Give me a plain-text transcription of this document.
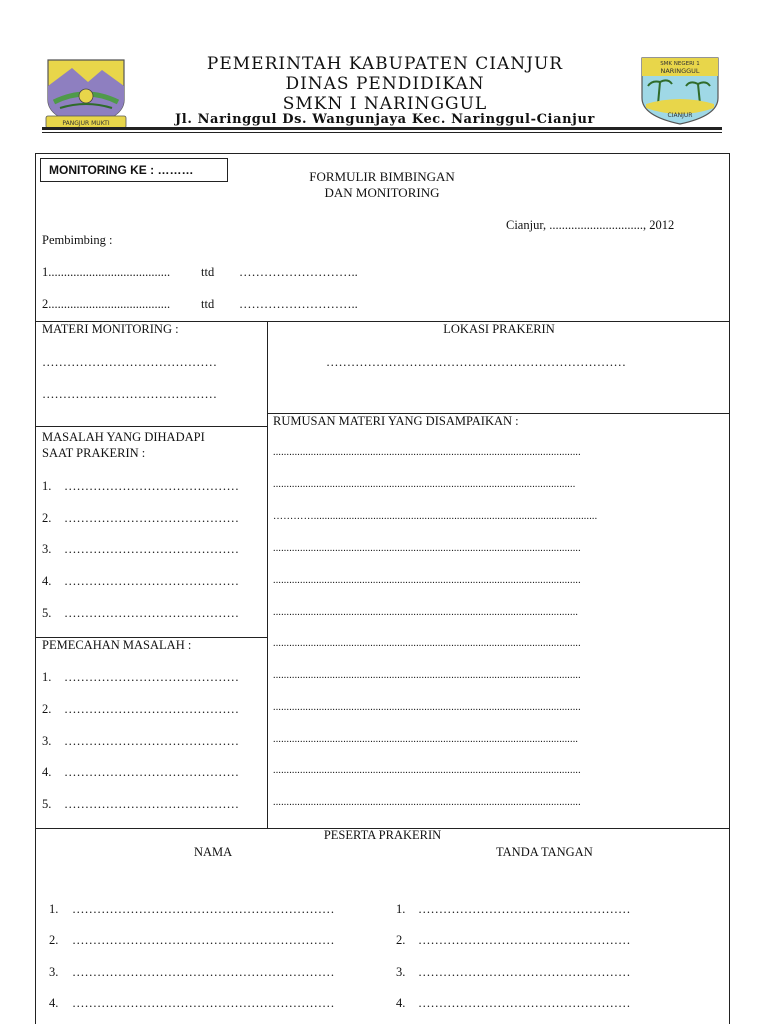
PANGJUR MUKTI
PEMERINTAH KABUPATEN CIANJUR
DINAS PENDIDIKAN
SMKN I NARINGGUL
Jl. Naringgul Ds. Wangunjaya Kec. Naringgul-Cianjur
SMK NEGERI 1
NARINGGUL
CIANJUR
MONITORING KE : ………	FORMULIR BIMBINGAN
DAN MONITORING
Cianjur, .............................., 2012
Pembimbing :
1....................................... ttd ………………………..
2....................................... ttd ………………………..
MATERI MONITORING :
……………………………………
……………………………………
LOKASI PRAKERIN
………………………………………………………………
RUMUSAN MATERI YANG DISAMPAIKAN :
..................................................................................................................
................................................................................................................
………….........................................................................................................
..................................................................................................................
..................................................................................................................
.................................................................................................................
..................................................................................................................
..................................................................................................................
..................................................................................................................
.................................................................................................................
..................................................................................................................
..................................................................................................................
MASALAH YANG DIHADAPI
SAAT PRAKERIN :
1. ……………………………………
2. ……………………………………
3. ……………………………………
4. ……………………………………
5. ……………………………………
PEMECAHAN MASALAH :
1. ……………………………………
2. ……………………………………
3. ……………………………………
4. ……………………………………
5. ……………………………………
PESERTA PRAKERIN
NAMA	TANDA TANGAN
1. ………………………………………………………	1. ……………………………………………
2. ………………………………………………………	2. ……………………………………………
3. ………………………………………………………	3. ……………………………………………
4. ………………………………………………………	4. ……………………………………………
